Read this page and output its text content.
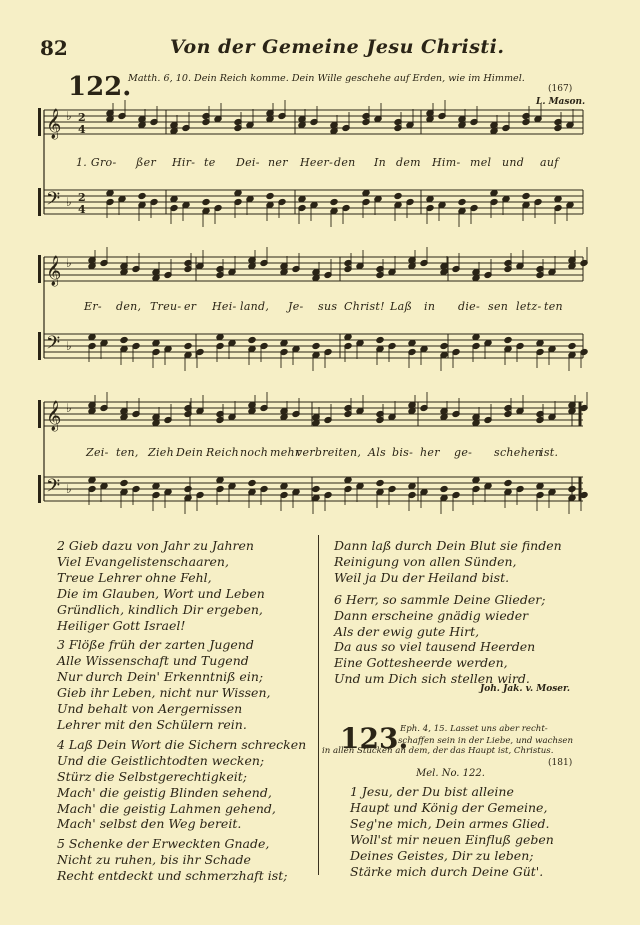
82	Von der Gemeine Jesu Christi.
122.
Matth. 6, 10. Dein Reich komme. Dein Wille geschehe auf Erden, wie im Himmel.
(167)
L. Mason.
𝄞
𝄢
♭
♭
2
4
2
4
𝄞
𝄢
♭
♭
𝄞
𝄢
♭
♭
1. Gro- ßer Hir- te Dei- ner Heer- den In dem Him- mel und auf
Er- den, Treu- er Hei- land, Je- sus Christ! Laß in die- sen letz- ten
Zei- ten, Zieh Dein Reich noch mehr
verbreiten, Als bis- her ge- schehen
ist.
2 Gieb dazu von Jahr zu Jahren
Viel Evangelistenschaaren,
Treue Lehrer ohne Fehl,
Die im Glauben, Wort und Leben
Gründlich, kindlich Dir ergeben,
Heiliger Gott Israel!
3 Flöße früh der zarten Jugend
Alle Wissenschaft und Tugend
Nur durch Dein' Erkenntniß ein;
Gieb ihr Leben, nicht nur Wissen,
Und behalt von Aergernissen
Lehrer mit den Schülern rein.
4 Laß Dein Wort die Sichern schrecken
Und die Geistlichtodten wecken;
Stürz die Selbstgerechtigkeit;
Mach' die geistig Blinden sehend,
Mach' die geistig Lahmen gehend,
Mach' selbst den Weg bereit.
5 Schenke der Erweckten Gnade,
Nicht zu ruhen, bis ihr Schade
Recht entdeckt und schmerzhaft ist;
Dann laß durch Dein Blut sie finden
Reinigung von allen Sünden,
Weil ja Du der Heiland bist.
6 Herr, so sammle Deine Glieder;
Dann erscheine gnädig wieder
Als der ewig gute Hirt,
Da aus so viel tausend Heerden
Eine Gottesheerde werden,
Und um Dich sich stellen wird.
Joh. Jak. v. Moser.
123.
Eph. 4, 15. Lasset uns aber recht-
schaffen sein in der Liebe, und wachsen
in allen Stücken an dem, der das Haupt ist, Christus.
(181)
Mel. No. 122.
1 Jesu, der Du bist alleine
Haupt und König der Gemeine,
Seg'ne mich, Dein armes Glied.
Woll'st mir neuen Einfluß geben
Deines Geistes, Dir zu leben;
Stärke mich durch Deine Güt'.
